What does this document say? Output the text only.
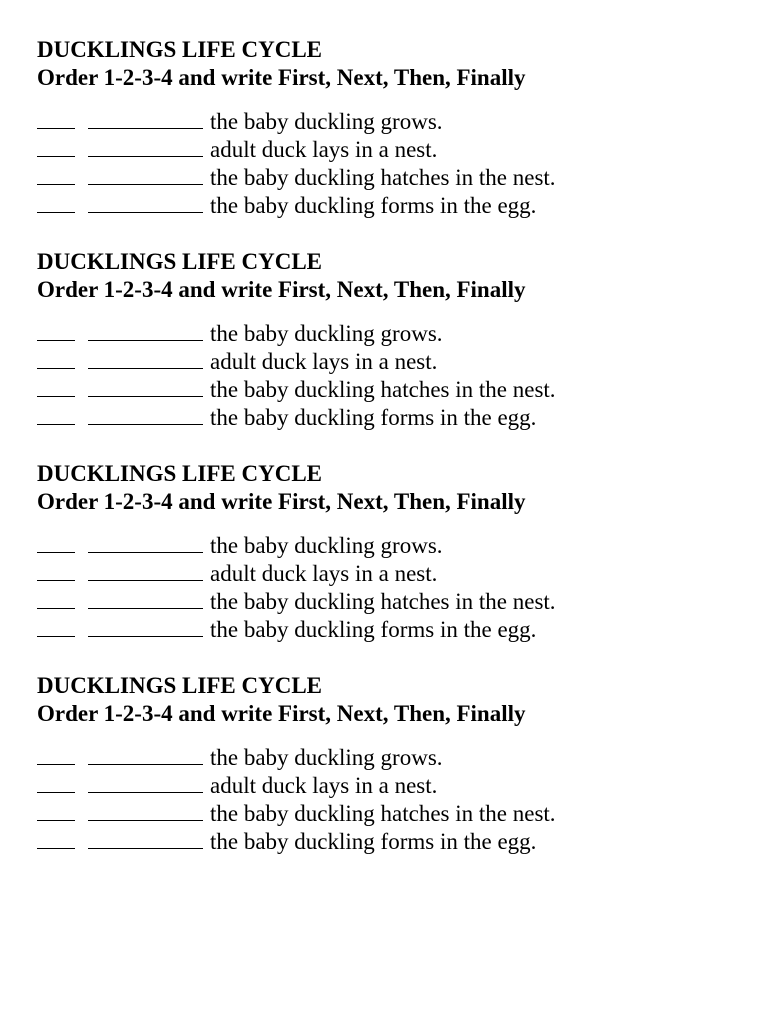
DUCKLINGS LIFE CYCLE
Order 1-2-3-4 and write First, Next, Then, Finally
the baby duckling grows.
adult duck lays in a nest.
the baby duckling hatches in the nest.
the baby duckling forms in the egg.
DUCKLINGS LIFE CYCLE
Order 1-2-3-4 and write First, Next, Then, Finally
the baby duckling grows.
adult duck lays in a nest.
the baby duckling hatches in the nest.
the baby duckling forms in the egg.
DUCKLINGS LIFE CYCLE
Order 1-2-3-4 and write First, Next, Then, Finally
the baby duckling grows.
adult duck lays in a nest.
the baby duckling hatches in the nest.
the baby duckling forms in the egg.
DUCKLINGS LIFE CYCLE
Order 1-2-3-4 and write First, Next, Then, Finally
the baby duckling grows.
adult duck lays in a nest.
the baby duckling hatches in the nest.
the baby duckling forms in the egg.
